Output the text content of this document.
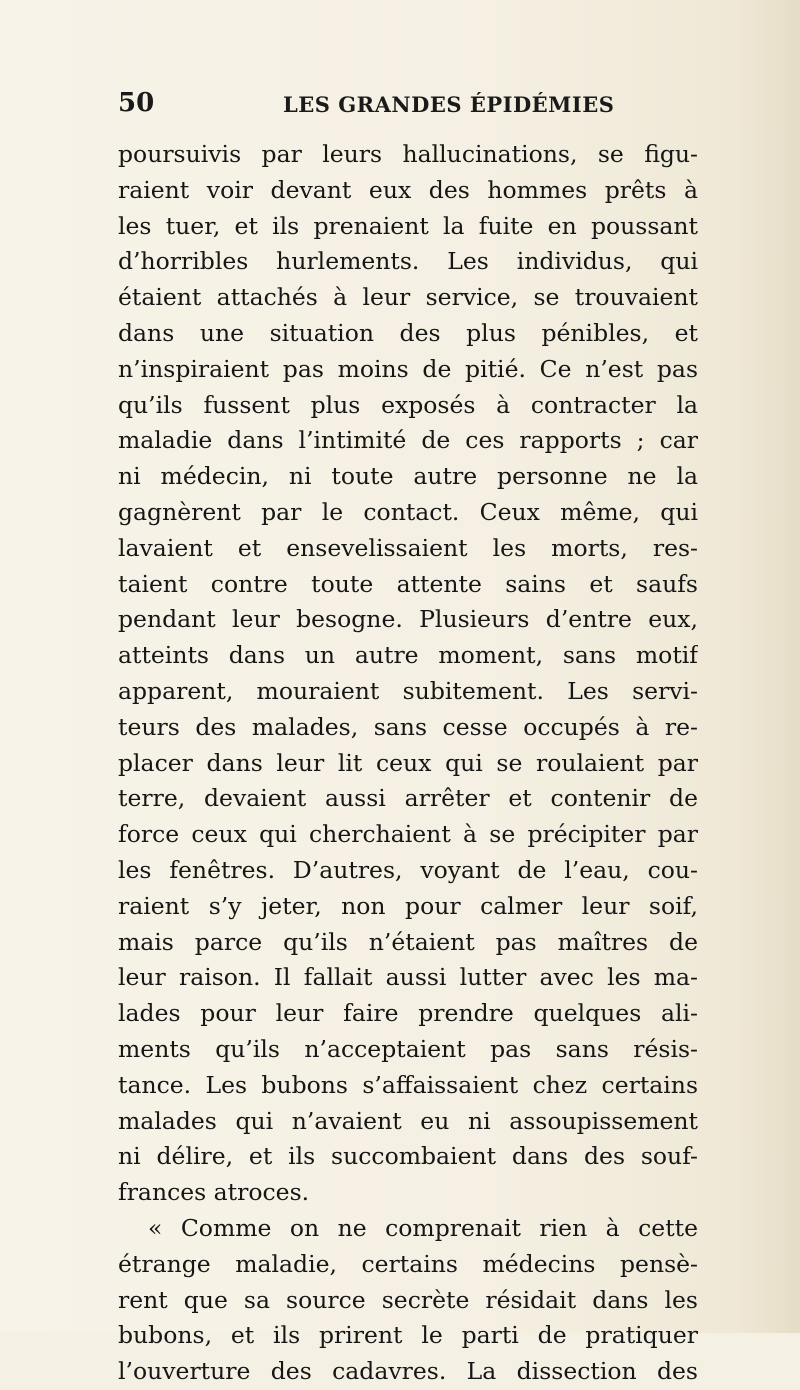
50	LES GRANDES ÉPIDÉMIES
poursuivis par leurs hallucinations, se figu-
raient voir devant eux des hommes prêts à
les tuer, et ils prenaient la fuite en poussant
d’horribles hurlements. Les individus, qui
étaient attachés à leur service, se trouvaient
dans une situation des plus pénibles, et
n’inspiraient pas moins de pitié. Ce n’est pas
qu’ils fussent plus exposés à contracter la
maladie dans l’intimité de ces rapports ; car
ni médecin, ni toute autre personne ne la
gagnèrent par le contact. Ceux même, qui
lavaient et ensevelissaient les morts, res-
taient contre toute attente sains et saufs
pendant leur besogne. Plusieurs d’entre eux,
atteints dans un autre moment, sans motif
apparent, mouraient subitement. Les servi-
teurs des malades, sans cesse occupés à re-
placer dans leur lit ceux qui se roulaient par
terre, devaient aussi arrêter et contenir de
force ceux qui cherchaient à se précipiter par
les fenêtres. D’autres, voyant de l’eau, cou-
raient s’y jeter, non pour calmer leur soif,
mais parce qu’ils n’étaient pas maîtres de
leur raison. Il fallait aussi lutter avec les ma-
lades pour leur faire prendre quelques ali-
ments qu’ils n’acceptaient pas sans résis-
tance. Les bubons s’affaissaient chez certains
malades qui n’avaient eu ni assoupissement
ni délire, et ils succombaient dans des souf-
frances atroces.
« Comme on ne comprenait rien à cette
étrange maladie, certains médecins pensè-
rent que sa source secrète résidait dans les
bubons, et ils prirent le parti de pratiquer
l’ouverture des cadavres. La dissection des
